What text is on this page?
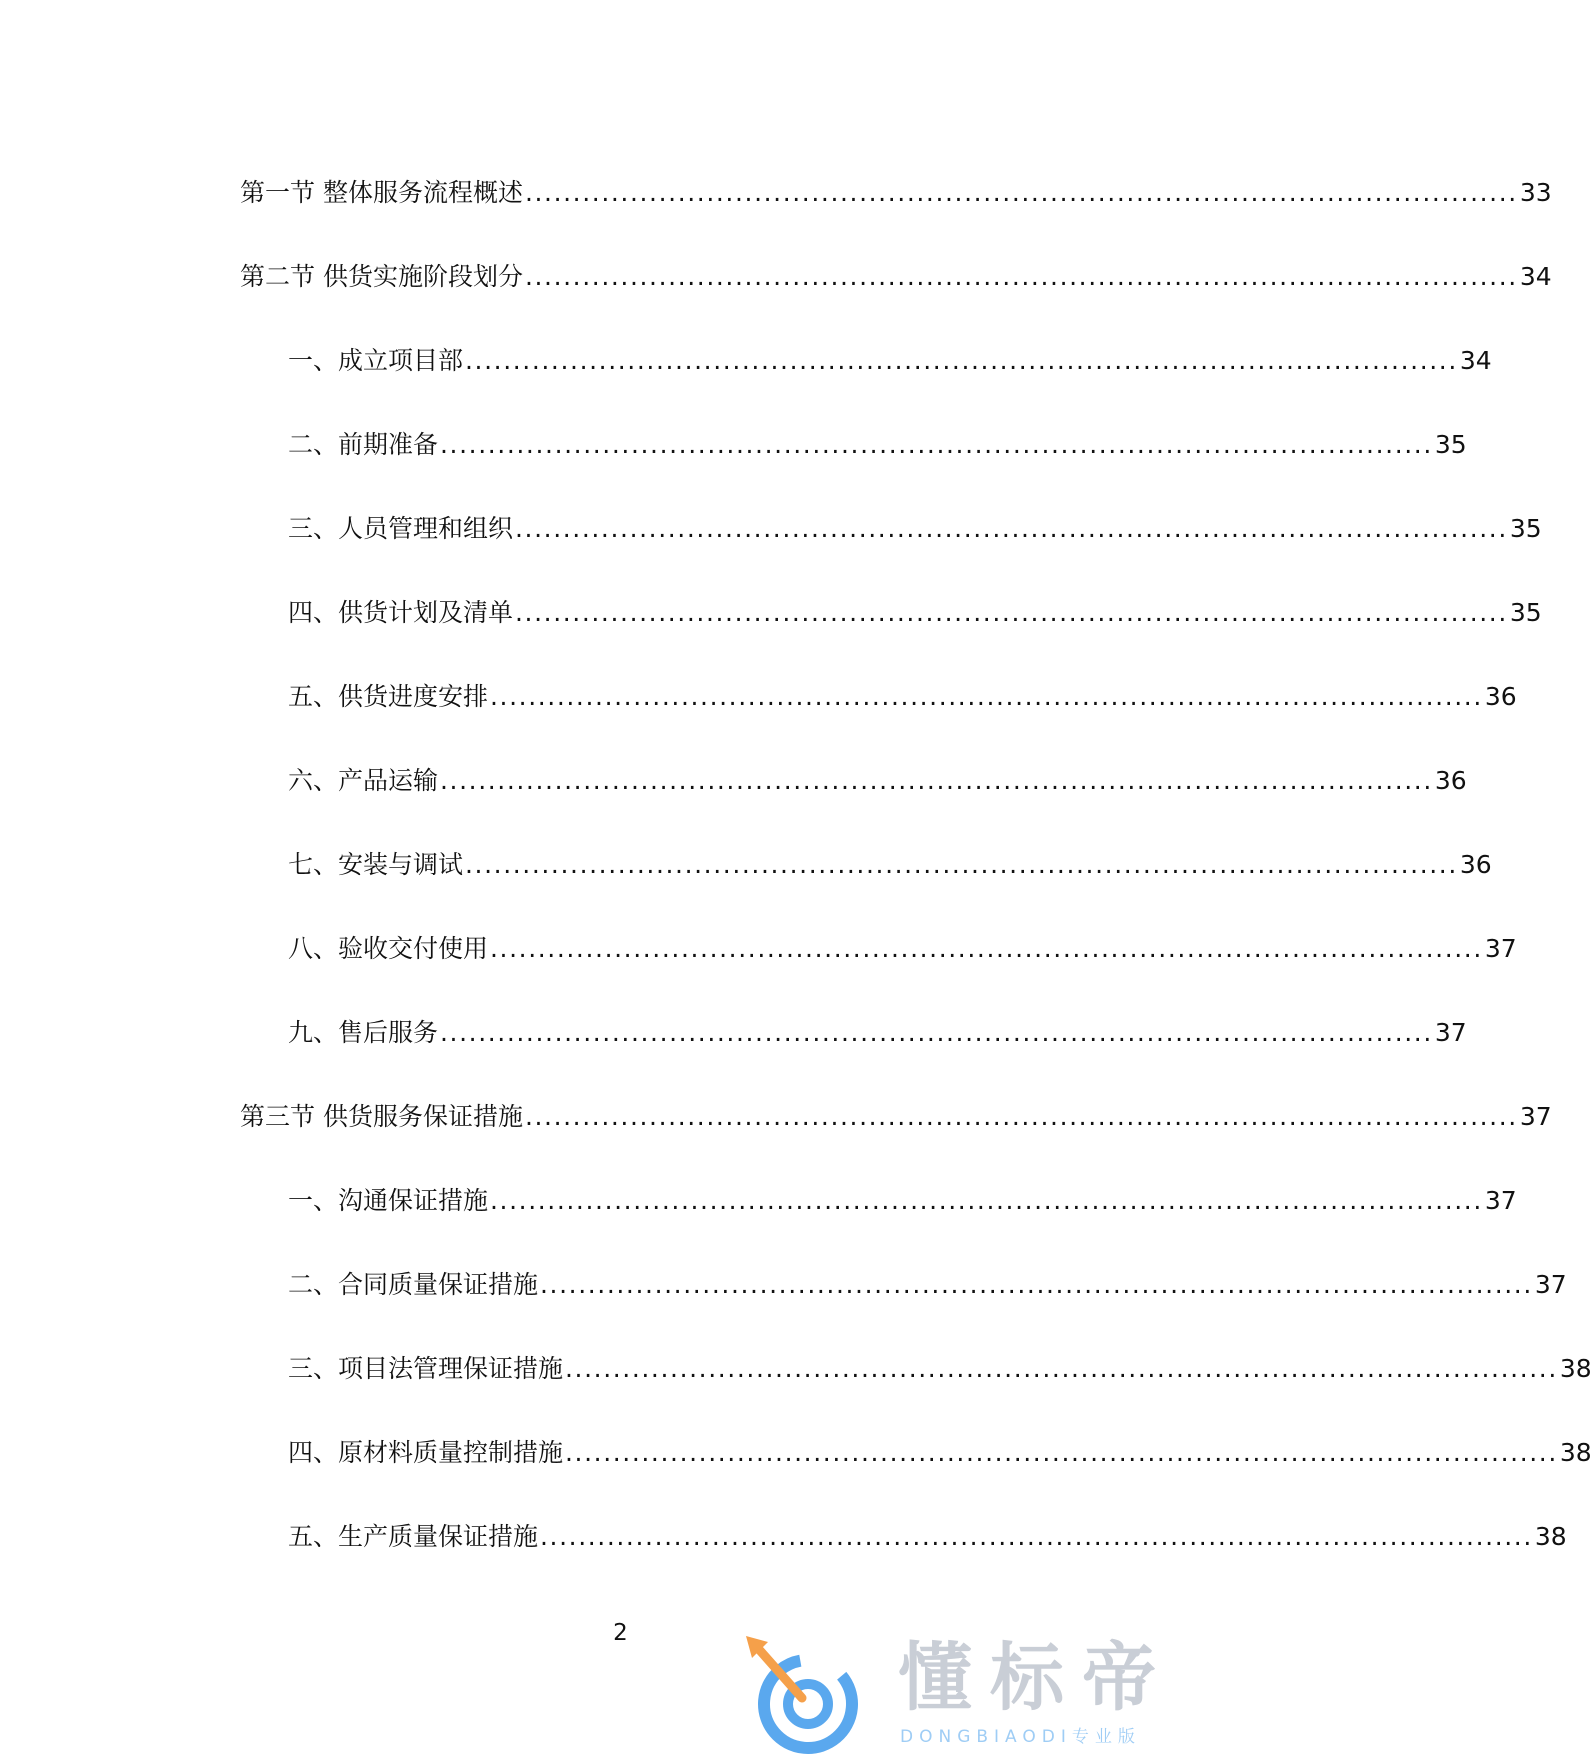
第一节 整体服务流程概述 ........................................................................................................ 33
第二节 供货实施阶段划分 ........................................................................................................ 34
一、成立项目部 ........................................................................................................ 34
二、前期准备 ........................................................................................................ 35
三、人员管理和组织 ........................................................................................................ 35
四、供货计划及清单 ........................................................................................................ 35
五、供货进度安排 ........................................................................................................ 36
六、产品运输 ........................................................................................................ 36
七、安装与调试 ........................................................................................................ 36
八、验收交付使用 ........................................................................................................ 37
九、售后服务 ........................................................................................................ 37
第三节 供货服务保证措施 ........................................................................................................ 37
一、沟通保证措施 ........................................................................................................ 37
二、合同质量保证措施 ........................................................................................................ 37
三、项目法管理保证措施 ........................................................................................................ 38
四、原材料质量控制措施 ........................................................................................................ 38
五、生产质量保证措施 ........................................................................................................ 38
2
懂标帝
DONGBIAODI专业版
